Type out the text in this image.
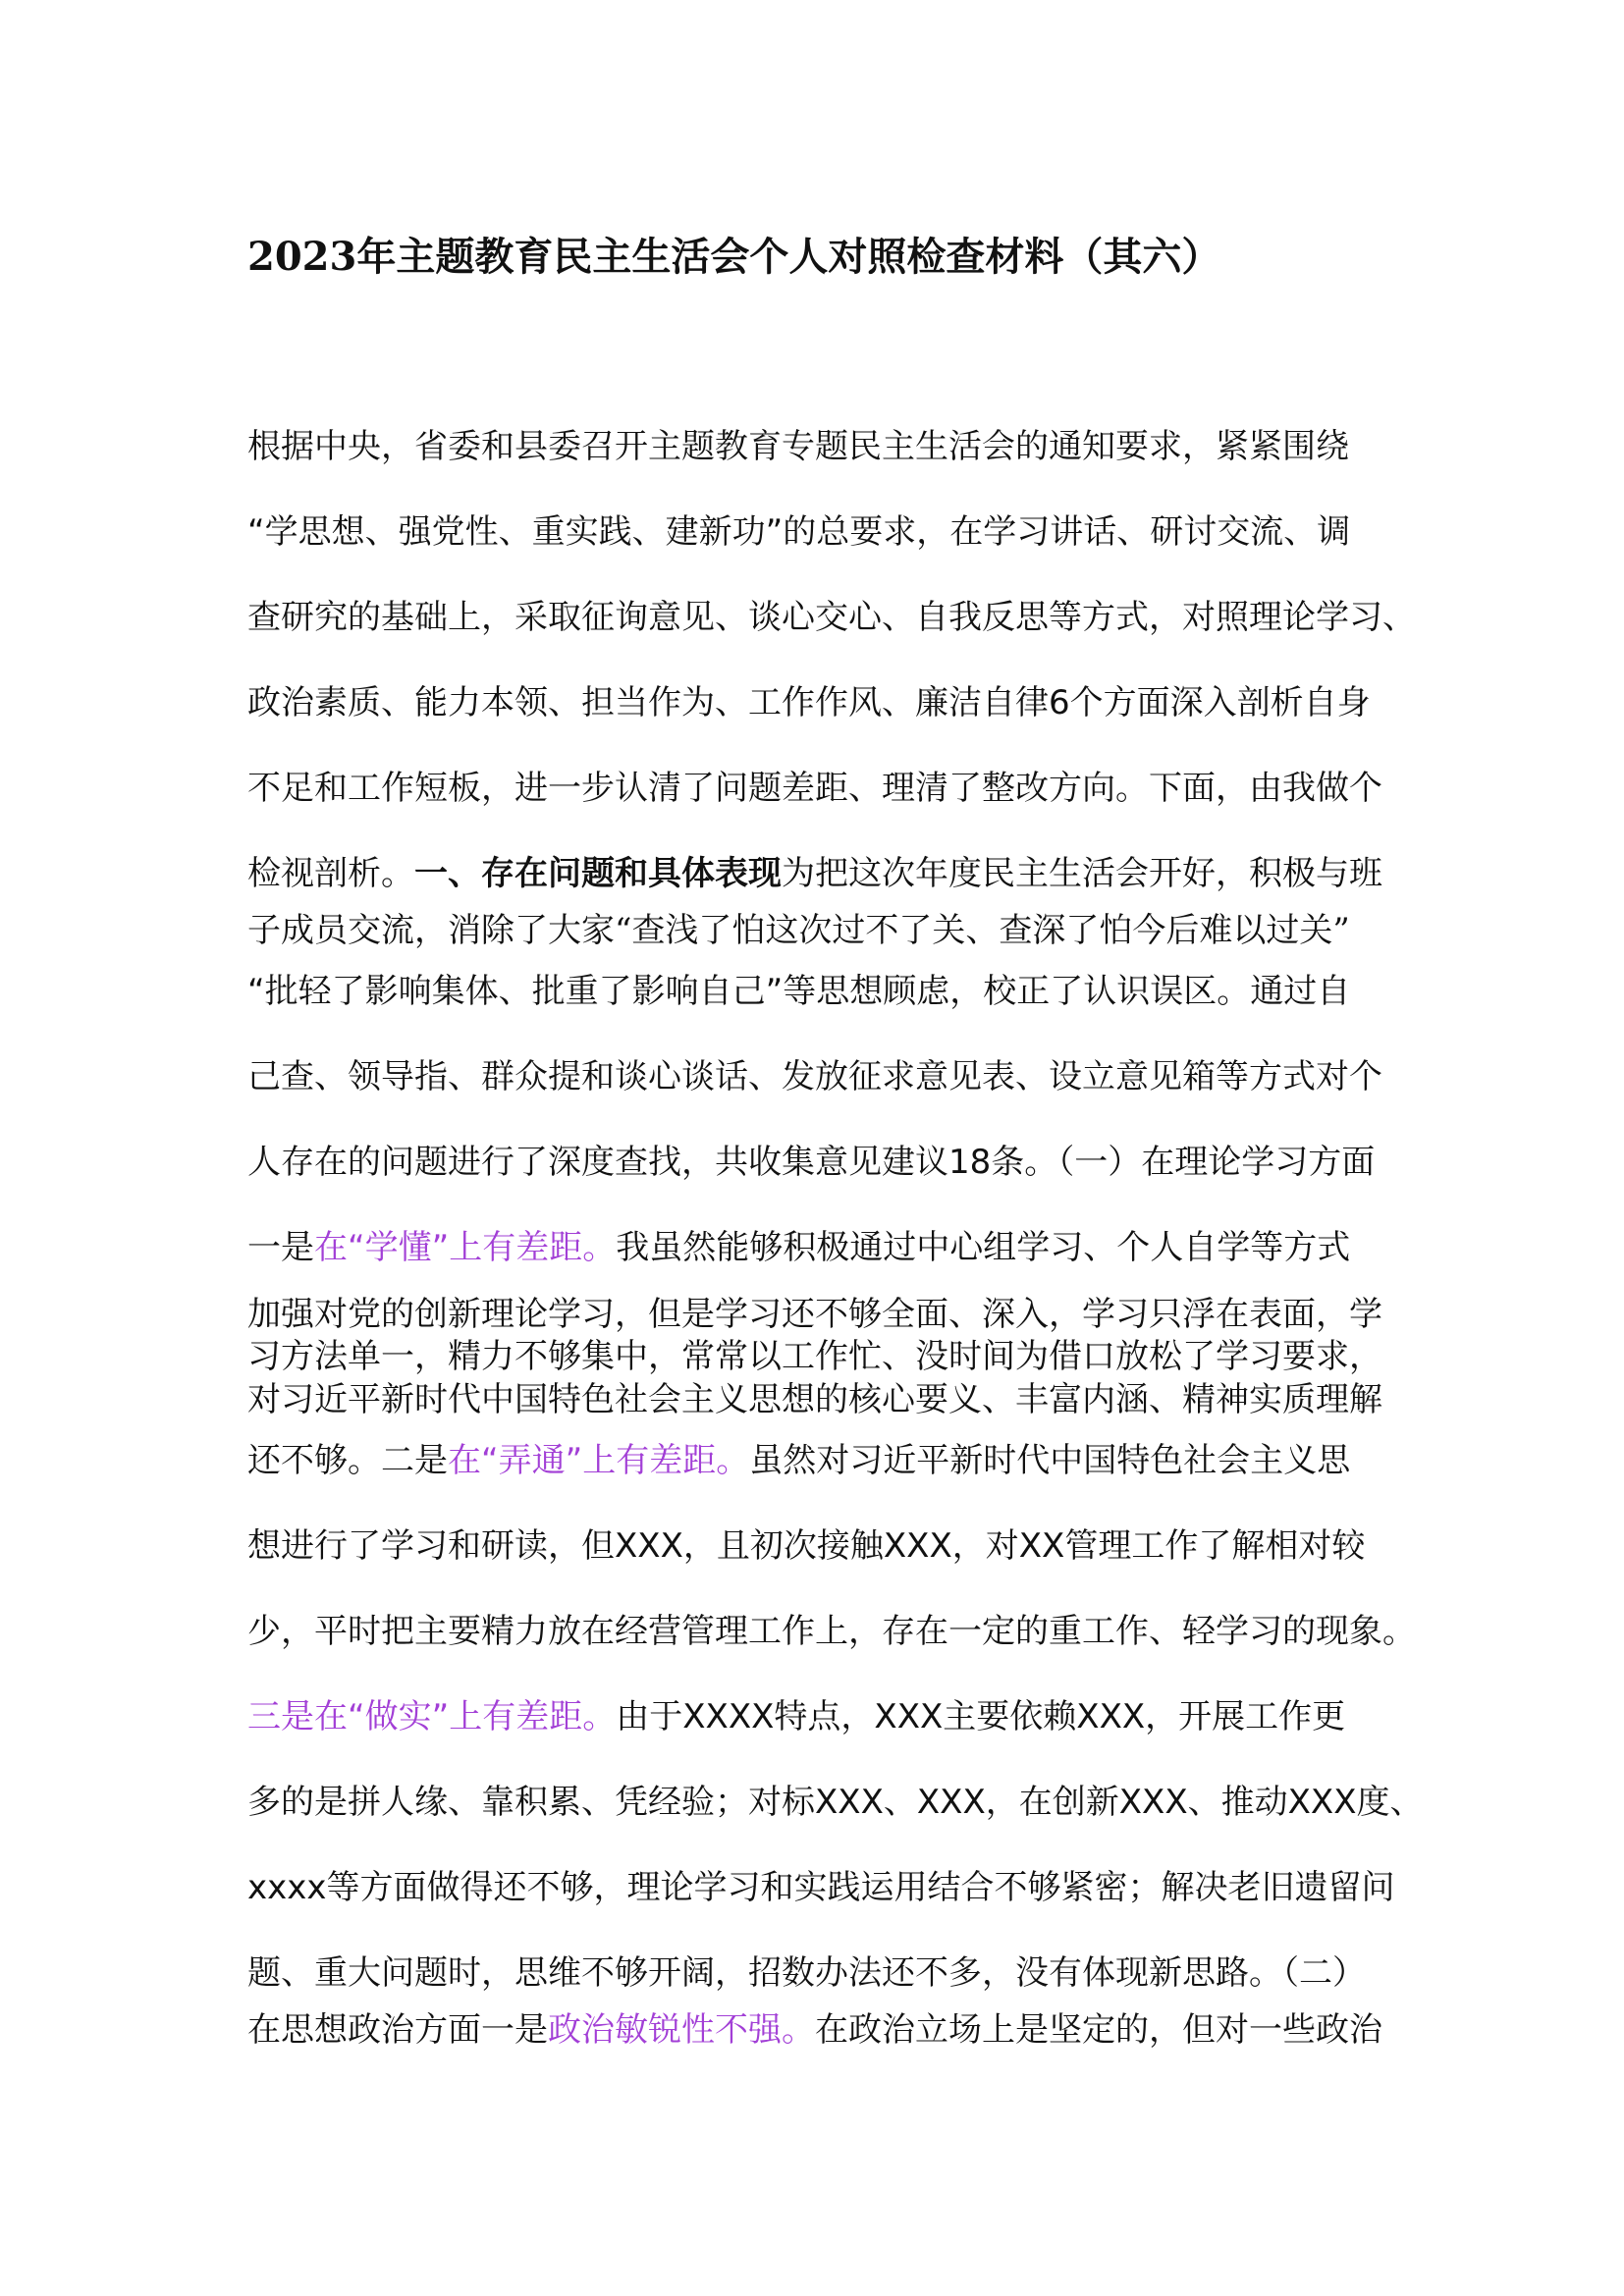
2023年主题教育民主生活会个人对照检查材料（其六）
根据中央，省委和县委召开主题教育专题民主生活会的通知要求，紧紧围绕
“学思想、强党性、重实践、建新功”的总要求，在学习讲话、研讨交流、调
查研究的基础上，采取征询意见、谈心交心、自我反思等方式，对照理论学习、
政治素质、能力本领、担当作为、工作作风、廉洁自律6个方面深入剖析自身
不足和工作短板，进一步认清了问题差距、理清了整改方向。下面，由我做个
检视剖析。一、存在问题和具体表现为把这次年度民主生活会开好，积极与班
子成员交流，消除了大家“查浅了怕这次过不了关、查深了怕今后难以过关”
“批轻了影响集体、批重了影响自己”等思想顾虑，校正了认识误区。通过自
己查、领导指、群众提和谈心谈话、发放征求意见表、设立意见箱等方式对个
人存在的问题进行了深度查找，共收集意见建议18条。（一）在理论学习方面
一是在“学懂”上有差距。我虽然能够积极通过中心组学习、个人自学等方式
加强对党的创新理论学习，但是学习还不够全面、深入，学习只浮在表面，学
习方法单一，精力不够集中，常常以工作忙、没时间为借口放松了学习要求，
对习近平新时代中国特色社会主义思想的核心要义、丰富内涵、精神实质理解
还不够。二是在“弄通”上有差距。虽然对习近平新时代中国特色社会主义思
想进行了学习和研读，但XXX，且初次接触XXX，对XX管理工作了解相对较
少，平时把主要精力放在经营管理工作上，存在一定的重工作、轻学习的现象。
三是在“做实”上有差距。由于XXXX特点，XXX主要依赖XXX，开展工作更
多的是拼人缘、靠积累、凭经验；对标XXX、XXX，在创新XXX、推动XXX度、
xxxx等方面做得还不够，理论学习和实践运用结合不够紧密；解决老旧遗留问
题、重大问题时，思维不够开阔，招数办法还不多，没有体现新思路。（二）
在思想政治方面一是政治敏锐性不强。在政治立场上是坚定的，但对一些政治
